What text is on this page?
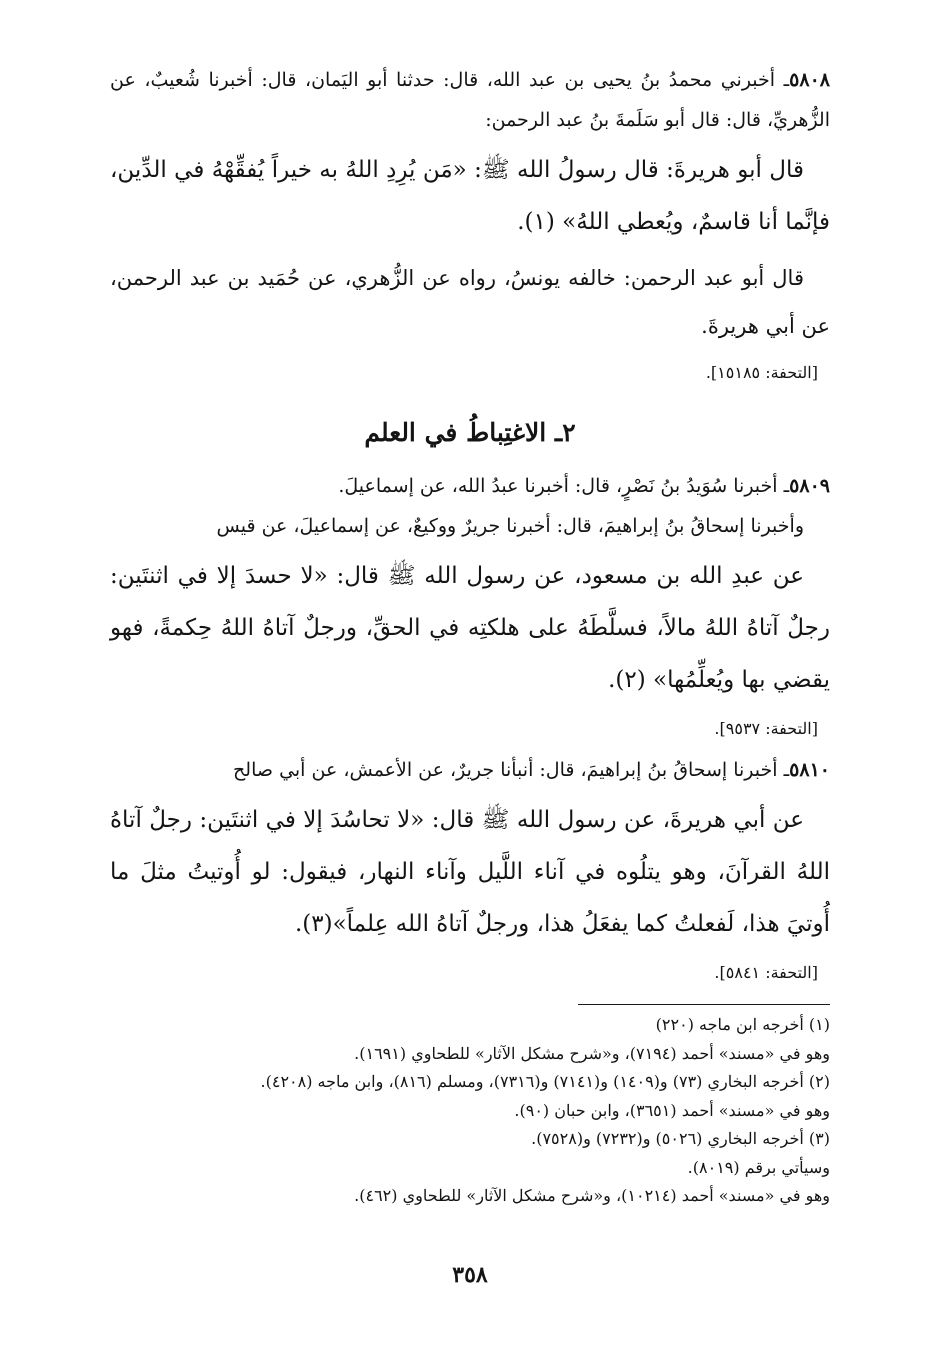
٥٨٠٨ـ أخبرني محمدُ بنُ يحيى بن عبد الله، قال: حدثنا أبو اليَمان، قال: أخبرنا شُعيبٌ، عن الزُّهريِّ، قال: قال أبو سَلَمةَ بنُ عبد الرحمن:

قال أبو هريرةَ: قال رسولُ الله ﷺ: «مَن يُرِدِ اللهُ به خيراً يُفقِّهْهُ في الدِّين، فإنَّما أنا قاسمٌ، ويُعطي اللهُ» (١).

قال أبو عبد الرحمن: خالفه يونسُ، رواه عن الزُّهري، عن حُمَيد بن عبد الرحمن، عن أبي هريرةَ.

[التحفة: ١٥١٨٥].

٢ـ الاغتِباطُ في العلم

٥٨٠٩ـ أخبرنا سُوَيدُ بنُ نَصْرٍ، قال: أخبرنا عبدُ الله، عن إسماعيلَ.

وأخبرنا إسحاقُ بنُ إبراهيمَ، قال: أخبرنا جريرٌ ووكيعٌ، عن إسماعيلَ، عن قيس

عن عبدِ الله بن مسعود، عن رسول الله ﷺ قال: «لا حسدَ إلا في اثنتَين: رجلٌ آتاهُ اللهُ مالاً، فسلَّطَهُ على هلكتِه في الحقِّ، ورجلٌ آتاهُ اللهُ حِكمةً، فهو يقضي بها ويُعلِّمُها» (٢).

[التحفة: ٩٥٣٧].

٥٨١٠ـ أخبرنا إسحاقُ بنُ إبراهيمَ، قال: أنبأنا جريرٌ، عن الأعمش، عن أبي صالح

عن أبي هريرةَ، عن رسول الله ﷺ قال: «لا تحاسُدَ إلا في اثنتَين: رجلٌ آتاهُ اللهُ القرآنَ، وهو يتلُوه في آناء اللَّيل وآناء النهار، فيقول: لو أُوتيتُ مثلَ ما أُوتيَ هذا، لَفعلتُ كما يفعَلُ هذا، ورجلٌ آتاهُ الله عِلماً»(٣).

[التحفة: ٥٨٤١].

(١) أخرجه ابن ماجه (٢٢٠)

وهو في «مسند» أحمد (٧١٩٤)، و«شرح مشكل الآثار» للطحاوي (١٦٩١).

(٢) أخرجه البخاري (٧٣) و(١٤٠٩) و(٧١٤١) و(٧٣١٦)، ومسلم (٨١٦)، وابن ماجه (٤٢٠٨).

وهو في «مسند» أحمد (٣٦٥١)، وابن حبان (٩٠).

(٣) أخرجه البخاري (٥٠٢٦) و(٧٢٣٢) و(٧٥٢٨).

وسيأتي برقم (٨٠١٩).

وهو في «مسند» أحمد (١٠٢١٤)، و«شرح مشكل الآثار» للطحاوي (٤٦٢).

٣٥٨
